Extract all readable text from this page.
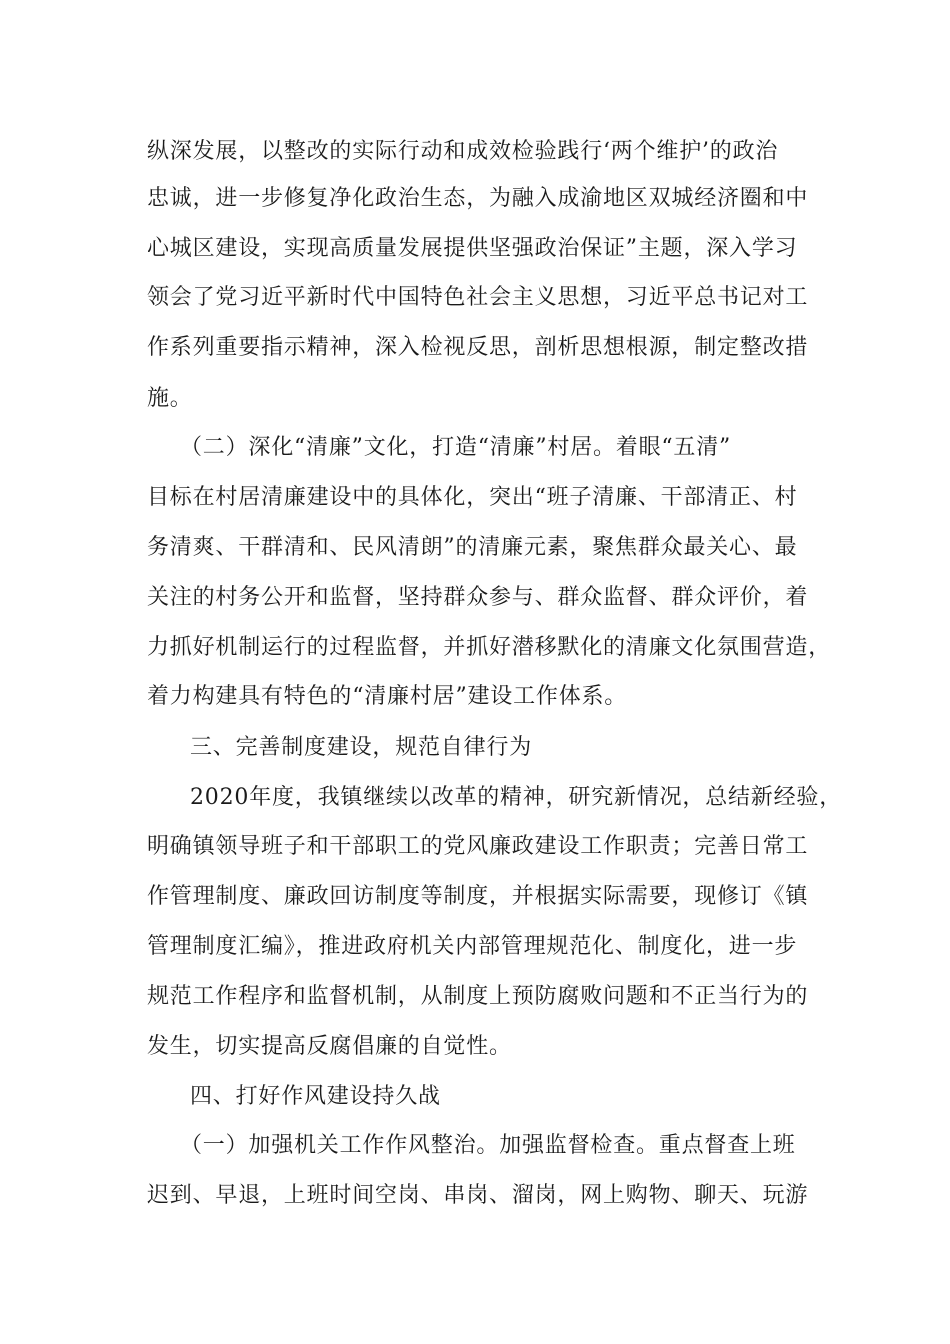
纵深发展，以整改的实际行动和成效检验践行‘两个维护’的政治
忠诚，进一步修复净化政治生态，为融入成渝地区双城经济圈和中
心城区建设，实现高质量发展提供坚强政治保证”主题，深入学习
领会了党习近平新时代中国特色社会主义思想，习近平总书记对工
作系列重要指示精神，深入检视反思，剖析思想根源，制定整改措
施。
（二）深化“清廉”文化，打造“清廉”村居。着眼“五清”
目标在村居清廉建设中的具体化，突出“班子清廉、干部清正、村
务清爽、干群清和、民风清朗”的清廉元素，聚焦群众最关心、最
关注的村务公开和监督，坚持群众参与、群众监督、群众评价，着
力抓好机制运行的过程监督，并抓好潜移默化的清廉文化氛围营造，
着力构建具有特色的“清廉村居”建设工作体系。
三、完善制度建设，规范自律行为
2020年度，我镇继续以改革的精神，研究新情况，总结新经验，
明确镇领导班子和干部职工的党风廉政建设工作职责；完善日常工
作管理制度、廉政回访制度等制度，并根据实际需要，现修订《镇
管理制度汇编》，推进政府机关内部管理规范化、制度化，进一步
规范工作程序和监督机制，从制度上预防腐败问题和不正当行为的
发生，切实提高反腐倡廉的自觉性。
四、打好作风建设持久战
（一）加强机关工作作风整治。加强监督检查。重点督查上班
迟到、早退，上班时间空岗、串岗、溜岗，网上购物、聊天、玩游
